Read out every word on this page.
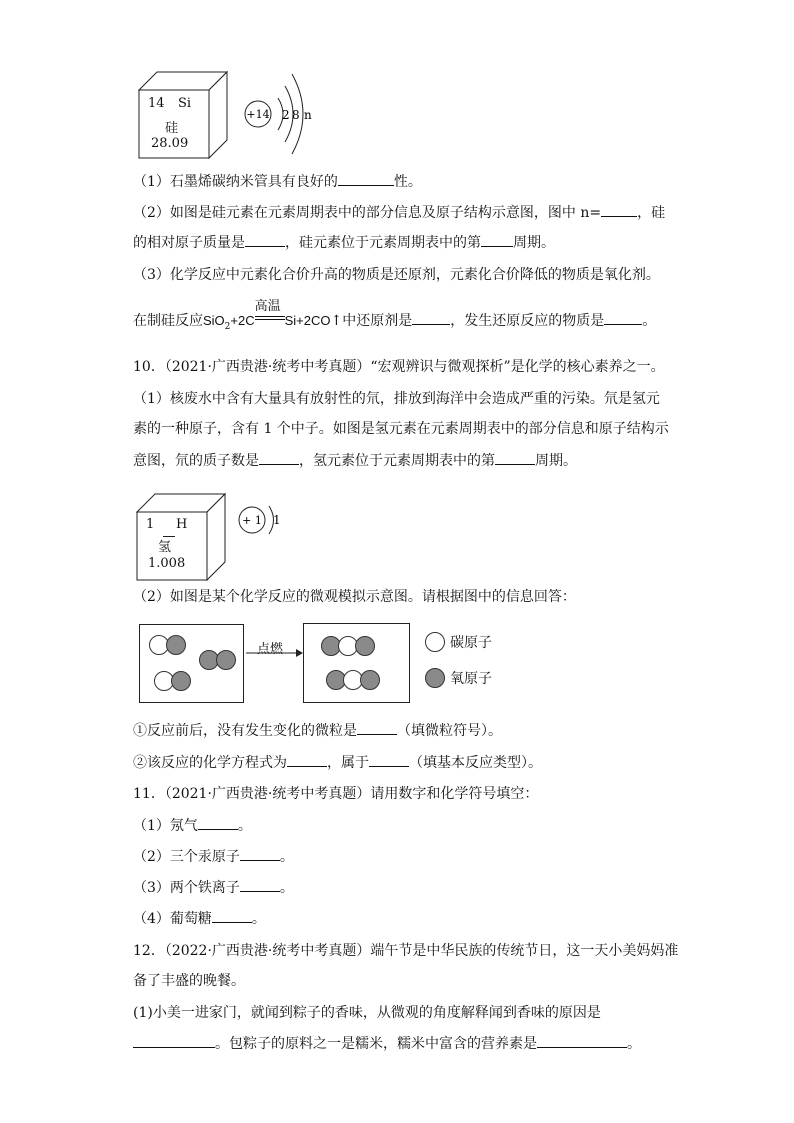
14 Si
硅
28.09
+14 2 8 n
（1）石墨烯碳纳米管具有良好的	性。
（2）如图是硅元素在元素周期表中的部分信息及原子结构示意图，图中 n=	，硅
的相对原子质量是	，硅元素位于元素周期表中的第 周期。
（3）化学反应中元素化合价升高的物质是还原剂，元素化合价降低的物质是氧化剂。
在制硅反应SiO$_2$+2C
高温
Si+2CO↑中还原剂是	，发生还原反应的物质是	。
10．（2021·广西贵港·统考中考真题）“宏观辨识与微观探析”是化学的核心素养之一。
（1）核废水中含有大量具有放射性的氘，排放到海洋中会造成严重的污染。氘是氢元
素的一种原子，含有 1 个中子。如图是氢元素在元素周期表中的部分信息和原子结构示
意图，氘的质子数是	，氢元素位于元素周期表中的第	周期。
1 H
氢
1.008
+ 1 1
（2）如图是某个化学反应的微观模拟示意图。请根据图中的信息回答：
点燃	碳原子
氧原子
①反应前后，没有发生变化的微粒是	（填微粒符号）。
②该反应的化学方程式为	，属于	（填基本反应类型）。
11．（2021·广西贵港·统考中考真题）请用数字和化学符号填空：
（1）氖气	。
（2）三个汞原子	。
（3）两个铁离子	。
（4）葡萄糖	。
12．（2022·广西贵港·统考中考真题）端午节是中华民族的传统节日，这一天小美妈妈准
备了丰盛的晚餐。
(1)小美一进家门，就闻到粽子的香味，从微观的角度解释闻到香味的原因是
。包粽子的原料之一是糯米，糯米中富含的营养素是	。
